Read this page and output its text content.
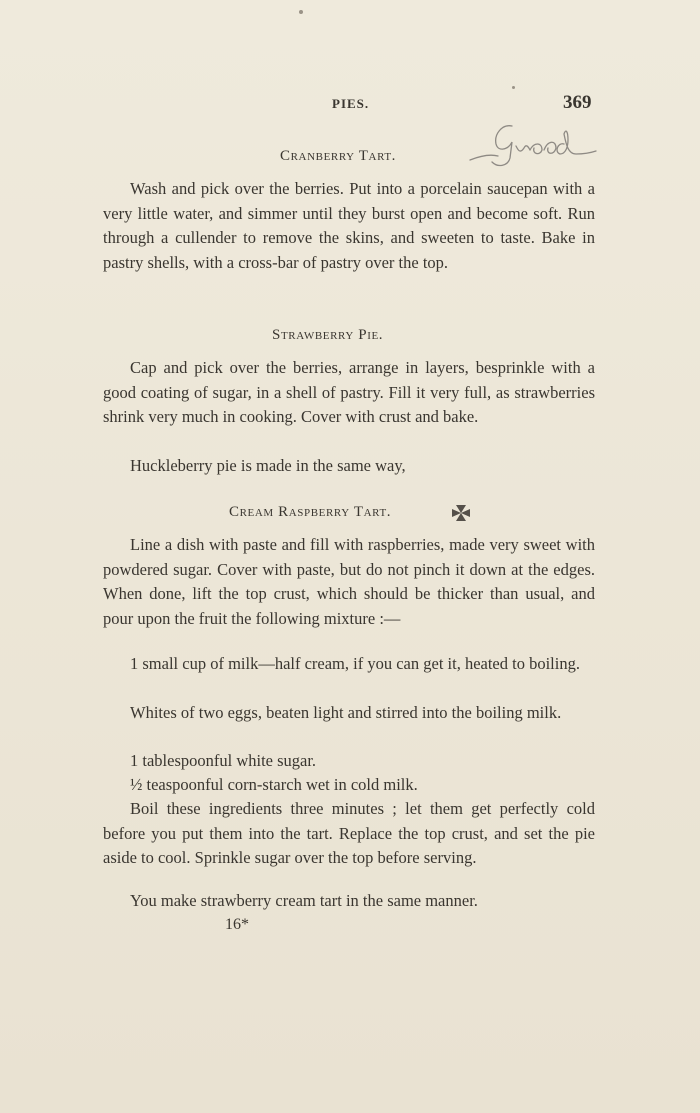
PIES.	369
Cranberry Tart.

Wash and pick over the berries. Put into a porcelain saucepan with a very little water, and simmer until they burst open and become soft. Run through a cullender to remove the skins, and sweeten to taste. Bake in pastry shells, with a cross-bar of pastry over the top.

Strawberry Pie.

Cap and pick over the berries, arrange in layers, besprinkle with a good coating of sugar, in a shell of pastry. Fill it very full, as strawberries shrink very much in cooking. Cover with crust and bake.

Huckleberry pie is made in the same way,

Cream Raspberry Tart.

Line a dish with paste and fill with raspberries, made very sweet with powdered sugar. Cover with paste, but do not pinch it down at the edges. When done, lift the top crust, which should be thicker than usual, and pour upon the fruit the following mixture :—

1 small cup of milk—half cream, if you can get it, heated to boiling.

Whites of two eggs, beaten light and stirred into the boiling milk.

1 tablespoonful white sugar.

½ teaspoonful corn-starch wet in cold milk.

Boil these ingredients three minutes ; let them get perfectly cold before you put them into the tart. Replace the top crust, and set the pie aside to cool. Sprinkle sugar over the top before serving.

You make strawberry cream tart in the same manner.

16*
